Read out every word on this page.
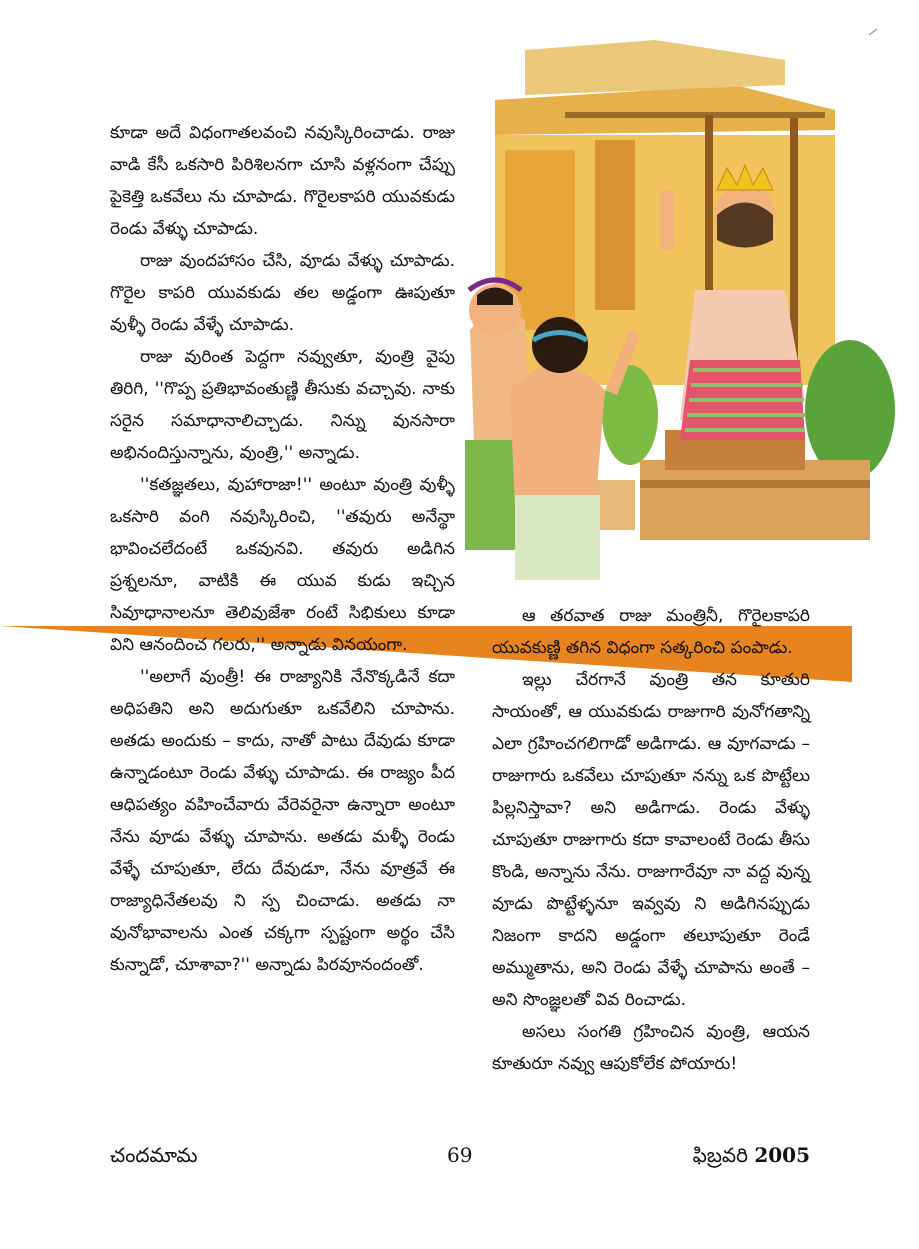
కూడా అదే విధంగాతలవంచి నవుస్కిరించాడు. రాజు వాడి కేసీ ఒకసారి పిరిశిలనగా చూసి వళ్లనంగా చేప్పు పైకెత్తి ఒకవేలు ను చూపాడు. గొరైలకాపరి యువకుడు రెండు వేళ్ళు చూపాడు.

రాజు వుందహాసం చేసి, వూడు వేళ్ళు చూపాడు. గొరైల కాపరి యువకుడు తల అడ్డంగా ఊపుతూ వుళ్ళీ రెండు వేళ్ళే చూపాడు.

రాజు వురింత పెద్దగా నవ్వుతూ, వుంత్రి వైపు తిరిగి, ''గొప్ప ప్రతిభావంతుణ్ణి తీసుకు వచ్చావు. నాకు సరైన సమాధానాలిచ్చాడు. నిన్ను వునసారా అభినందిస్తున్నాను, వుంత్రి,'' అన్నాడు.

''కతజ్ఞతలు, వుహారాజా!'' అంటూ వుంత్రి వుళ్ళీ ఒకసారి వంగి నవుస్కిరించి, ''తవురు అనేన్థా భావించలేదంటే ఒకవునవి. తవురు అడిగిన ప్రశ్నలనూ, వాటికి ఈ యువ కుడు ఇచ్చిన సివూధానాలనూ తెలివుజేశా రంటే సిభికులు కూడా విని ఆనందించ గలరు,'' అన్నాడు వినయంగా.

''అలాగే వుంత్రీ! ఈ రాజ్యానికి నేనొక్కడినే కదా అధిపతిని అని అదుగుతూ ఒకవేలిని చూపాను. అతడు అందుకు – కాదు, నాతో పాటు దేవుడు కూడా ఉన్నాడంటూ రెండు వేళ్ళు చూపాడు. ఈ రాజ్యం పీద ఆధిపత్యం వహించేవారు వేరెవరైనా ఉన్నారా అంటూ నేను వూడు వేళ్ళు చూపాను. అతడు మళ్ళీ రెండు వేళ్ళే చూపుతూ, లేదు దేవుడూ, నేను వూత్రవే ఈ రాజ్యాధినేతలవు ని స్ప చించాడు. అతడు నా వునోభావాలను ఎంత చక్కగా స్పష్టంగా అర్థం చేసి కున్నాడో, చూశావా?'' అన్నాడు పిరవూనందంతో.

ఆ తరవాత రాజు మంత్రినీ, గొరైలకాపరి యువకుణ్ణి తగిన విధంగా సత్కరించి పంపాడు.

ఇల్లు చేరగానే వుంత్రి తన కూతురి సాయంతో, ఆ యువకుడు రాజుగారి వునోగతాన్ని ఎలా గ్రహించగలిగాడో అడిగాడు. ఆ వూగవాడు – రాజుగారు ఒకవేలు చూపుతూ నన్ను ఒక పొట్టేలు పిల్లనిస్తావా? అని అడిగాడు. రెండు వేళ్ళు చూపుతూ రాజుగారు కదా కావాలంటే రెండు తీసు కొండి, అన్నాను నేను. రాజుగారేవూ నా వద్ద వున్న వూడు పొట్టేళ్ళనూ ఇవ్వవు ని అడిగినప్పుడు నిజంగా కాదని అడ్డంగా తలూపుతూ రెండే అమ్ముతాను, అని రెండు వేళ్ళే చూపాను అంతే – అని సొంజ్ఞలతో వివ రించాడు.

అసలు సంగతి గ్రహించిన వుంత్రి, ఆయన కూతురూ నవ్వు ఆపుకోలేక పోయారు!

చందమామ	69	ఫిబ్రవరి 2005
